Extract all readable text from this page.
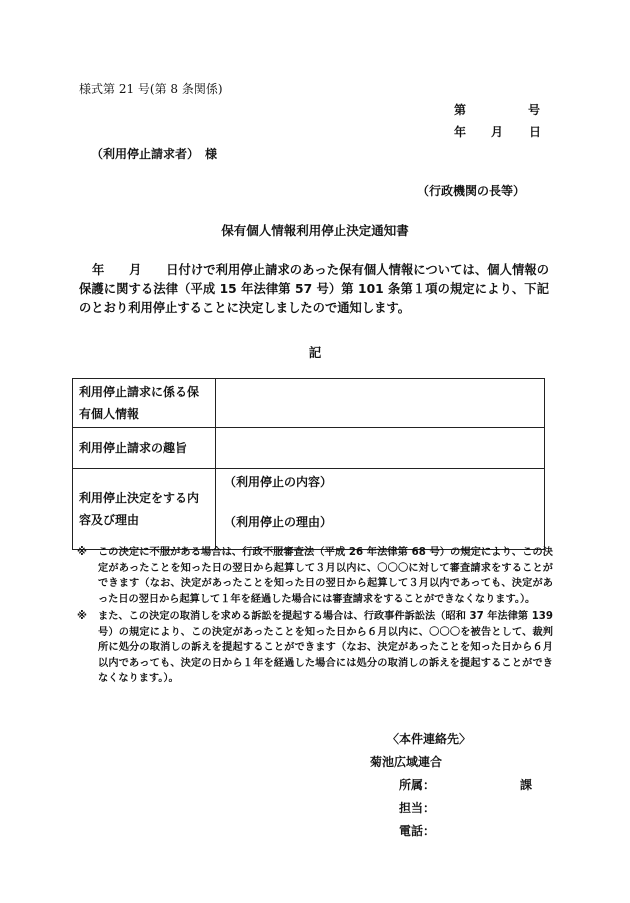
様式第 21 号(第 8 条関係)
第	号
年 月 日
（利用停止請求者）　様
（行政機関の長等）
保有個人情報利用停止決定通知書

年　　月　　日付けで利用停止請求のあった保有個人情報については、個人情報の保護に関する法律（平成 15 年法律第 57 号）第 101 条第１項の規定により、下記のとおり利用停止することに決定しましたので通知します。

記
利用停止請求に係る保有個人情報	
利用停止請求の趣旨	
利用停止決定をする内容及び理由	（利用停止の内容）
（利用停止の理由）
※ この決定に不服がある場合は、行政不服審査法（平成 26 年法律第 68 号）の規定により、この決定があったことを知った日の翌日から起算して３月以内に、〇〇〇に対して審査請求をすることができます（なお、決定があったことを知った日の翌日から起算して３月以内であっても、決定があった日の翌日から起算して１年を経過した場合には審査請求をすることができなくなります。）。
※ また、この決定の取消しを求める訴訟を提起する場合は、行政事件訴訟法（昭和 37 年法律第 139 号）の規定により、この決定があったことを知った日から６月以内に、〇〇〇を被告として、裁判所に処分の取消しの訴えを提起することができます（なお、決定があったことを知った日から６月以内であっても、決定の日から１年を経過した場合には処分の取消しの訴えを提起することができなくなります。）。
〈本件連絡先〉
菊池広域連合
所属：	課
担当：
電話：
